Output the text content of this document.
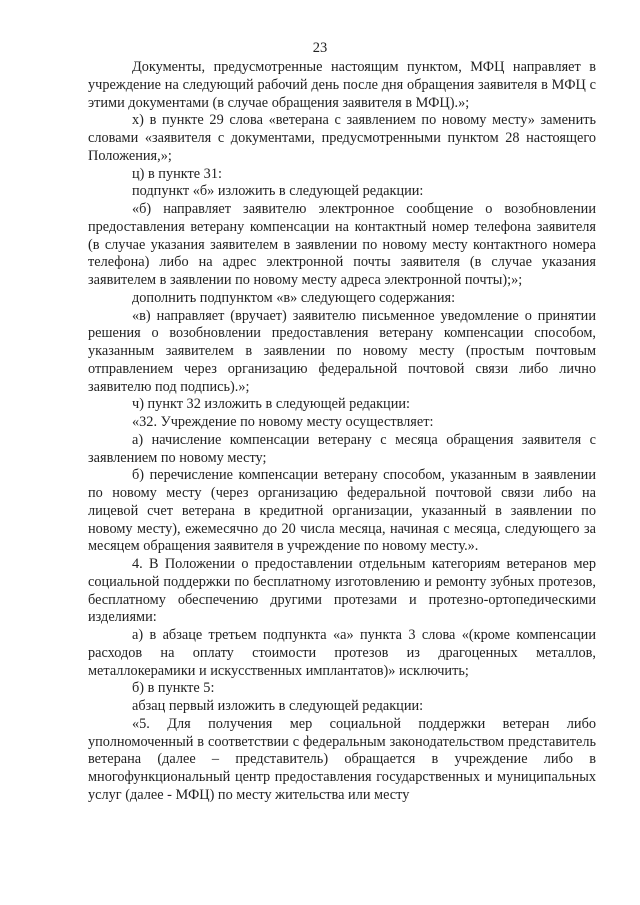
23

Документы, предусмотренные настоящим пунктом, МФЦ направляет в учреждение на следующий рабочий день после дня обращения заявителя в МФЦ с этими документами (в случае обращения заявителя в МФЦ).»;

х) в пункте 29 слова «ветерана с заявлением по новому месту» заменить словами «заявителя с документами, предусмотренными пунктом 28 настоящего Положения,»;

ц) в пункте 31:

подпункт «б» изложить в следующей редакции:

«б) направляет заявителю электронное сообщение о возобновлении предоставления ветерану компенсации на контактный номер телефона заявителя (в случае указания заявителем в заявлении по новому месту контактного номера телефона) либо на адрес электронной почты заявителя (в случае указания заявителем в заявлении по новому месту адреса электронной почты);»;

дополнить подпунктом «в» следующего содержания:

«в) направляет (вручает) заявителю письменное уведомление о принятии решения о возобновлении предоставления ветерану компенсации способом, указанным заявителем в заявлении по новому месту (простым почтовым отправлением через организацию федеральной почтовой связи либо лично заявителю под подпись).»;

ч) пункт 32 изложить в следующей редакции:

«32. Учреждение по новому месту осуществляет:

а) начисление компенсации ветерану с месяца обращения заявителя с заявлением по новому месту;

б) перечисление компенсации ветерану способом, указанным в заявлении по новому месту (через организацию федеральной почтовой связи либо на лицевой счет ветерана в кредитной организации, указанный в заявлении по новому месту), ежемесячно до 20 числа месяца, начиная с месяца, следующего за месяцем обращения заявителя в учреждение по новому месту.».

4. В Положении о предоставлении отдельным категориям ветеранов мер социальной поддержки по бесплатному изготовлению и ремонту зубных протезов, бесплатному обеспечению другими протезами и протезно-ортопедическими изделиями:

а) в абзаце третьем подпункта «а» пункта 3 слова «(кроме компенсации расходов на оплату стоимости протезов из драгоценных металлов, металлокерамики и искусственных имплантатов)» исключить;

б) в пункте 5:

абзац первый изложить в следующей редакции:

«5. Для получения мер социальной поддержки ветеран либо уполномоченный в соответствии с федеральным законодательством представитель ветерана (далее – представитель) обращается в учреждение либо в многофункциональный центр предоставления государственных и муниципальных услуг (далее - МФЦ) по месту жительства или месту
